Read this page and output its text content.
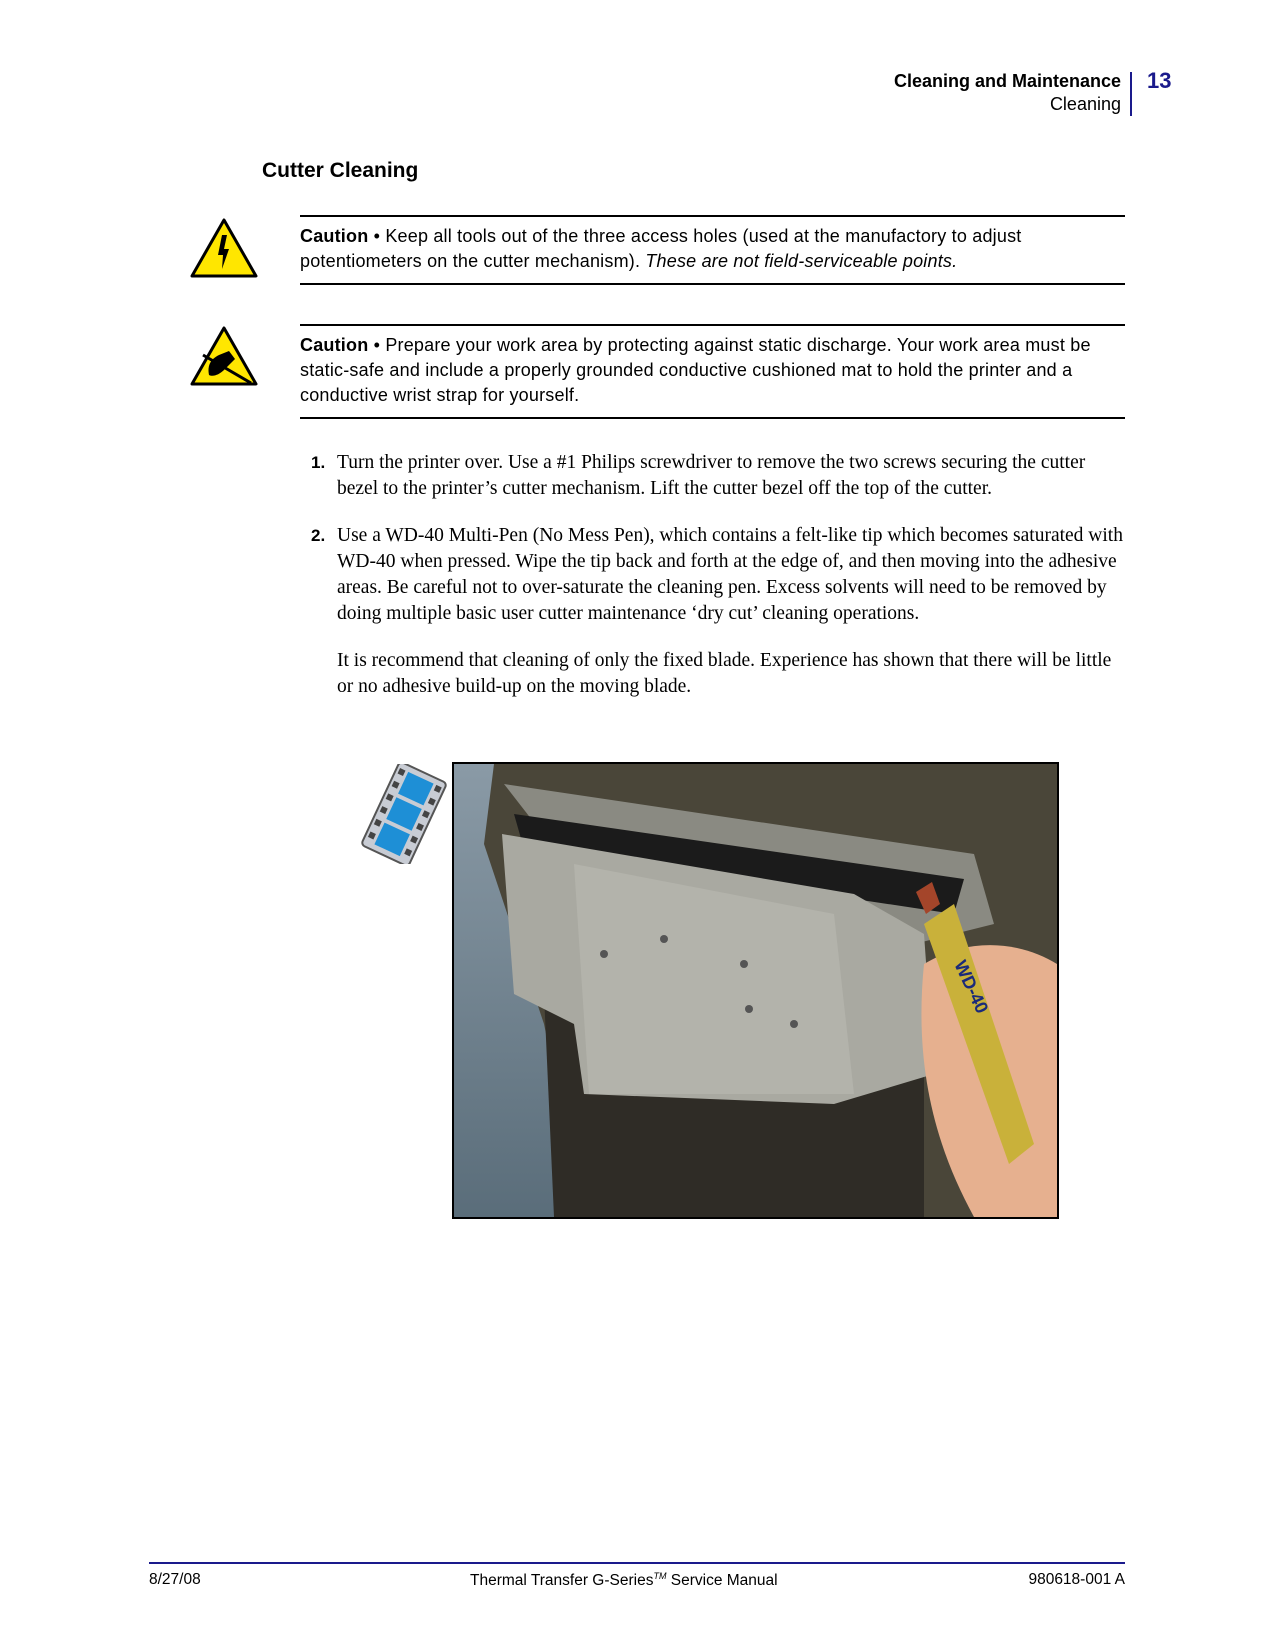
Cleaning and Maintenance
Cleaning
13
Cutter Cleaning
Caution • Keep all tools out of the three access holes (used at the manufactory to adjust potentiometers on the cutter mechanism). These are not field-serviceable points.
Caution • Prepare your work area by protecting against static discharge. Your work area must be static-safe and include a properly grounded conductive cushioned mat to hold the printer and a conductive wrist strap for yourself.
1. Turn the printer over. Use a #1 Philips screwdriver to remove the two screws securing the cutter bezel to the printer’s cutter mechanism. Lift the cutter bezel off the top of the cutter.

2. Use a WD-40 Multi-Pen (No Mess Pen), which contains a felt-like tip which becomes saturated with WD-40 when pressed. Wipe the tip back and forth at the edge of, and then moving into the adhesive areas. Be careful not to over-saturate the cleaning pen. Excess solvents will need to be removed by doing multiple basic user cutter maintenance ‘dry cut’ cleaning operations.

It is recommend that cleaning of only the fixed blade. Experience has shown that there will be little or no adhesive build-up on the moving blade.

WD-40
8/27/08	Thermal Transfer G-Series™ Service Manual	980618-001 A
